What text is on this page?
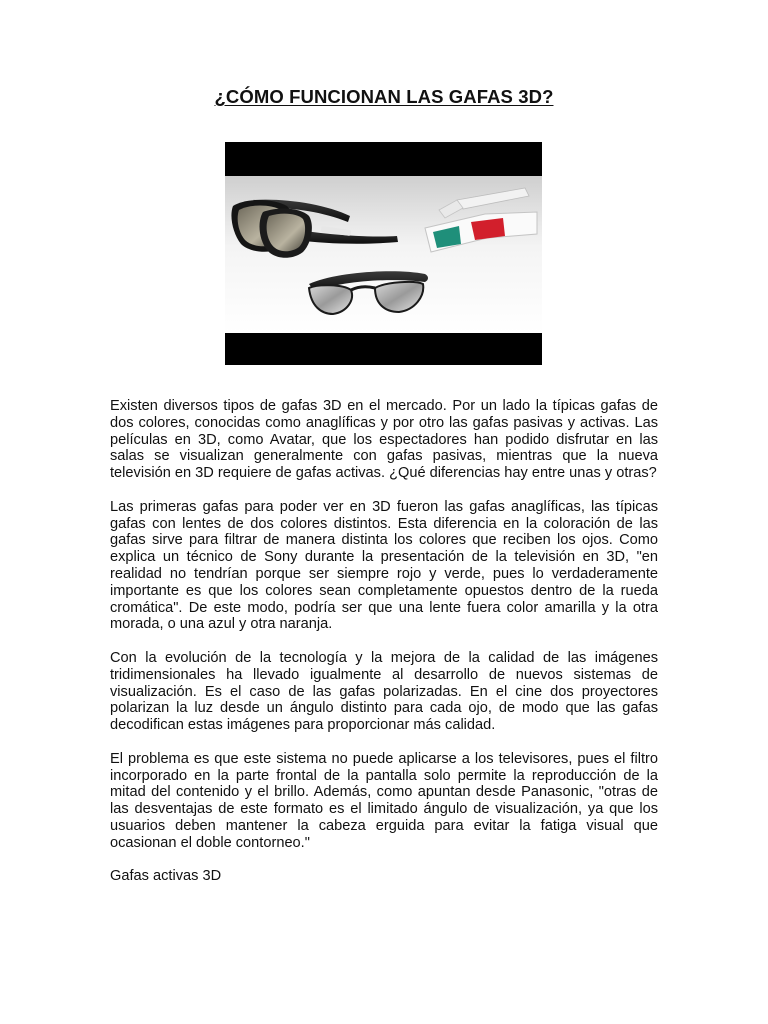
¿CÓMO FUNCIONAN LAS GAFAS 3D?

Existen diversos tipos de gafas 3D en el mercado. Por un lado la típicas gafas de dos colores, conocidas como anaglíficas y por otro las gafas pasivas y activas. Las películas en 3D, como Avatar, que los espectadores han podido disfrutar en las salas se visualizan generalmente con gafas pasivas, mientras que la nueva televisión en 3D requiere de gafas activas. ¿Qué diferencias hay entre unas y otras?

Las primeras gafas para poder ver en 3D fueron las gafas anaglíficas, las típicas gafas con lentes de dos colores distintos. Esta diferencia en la coloración de las gafas sirve para filtrar de manera distinta los colores que reciben los ojos. Como explica un técnico de Sony durante la presentación de la televisión en 3D, "en realidad no tendrían porque ser siempre rojo y verde, pues lo verdaderamente importante es que los colores sean completamente opuestos dentro de la rueda cromática". De este modo, podría ser que una lente fuera color amarilla y la otra morada, o una azul y otra naranja.

Con la evolución de la tecnología y la mejora de la calidad de las imágenes tridimensionales ha llevado igualmente al desarrollo de nuevos sistemas de visualización. Es el caso de las gafas polarizadas. En el cine dos proyectores polarizan la luz desde un ángulo distinto para cada ojo, de modo que las gafas decodifican estas imágenes para proporcionar más calidad.

El problema es que este sistema no puede aplicarse a los televisores, pues el filtro incorporado en la parte frontal de la pantalla solo permite la reproducción de la mitad del contenido y el brillo. Además, como apuntan desde Panasonic, "otras de las desventajas de este formato es el limitado ángulo de visualización, ya que los usuarios deben mantener la cabeza erguida para evitar la fatiga visual que ocasionan el doble contorneo."

Gafas activas 3D
